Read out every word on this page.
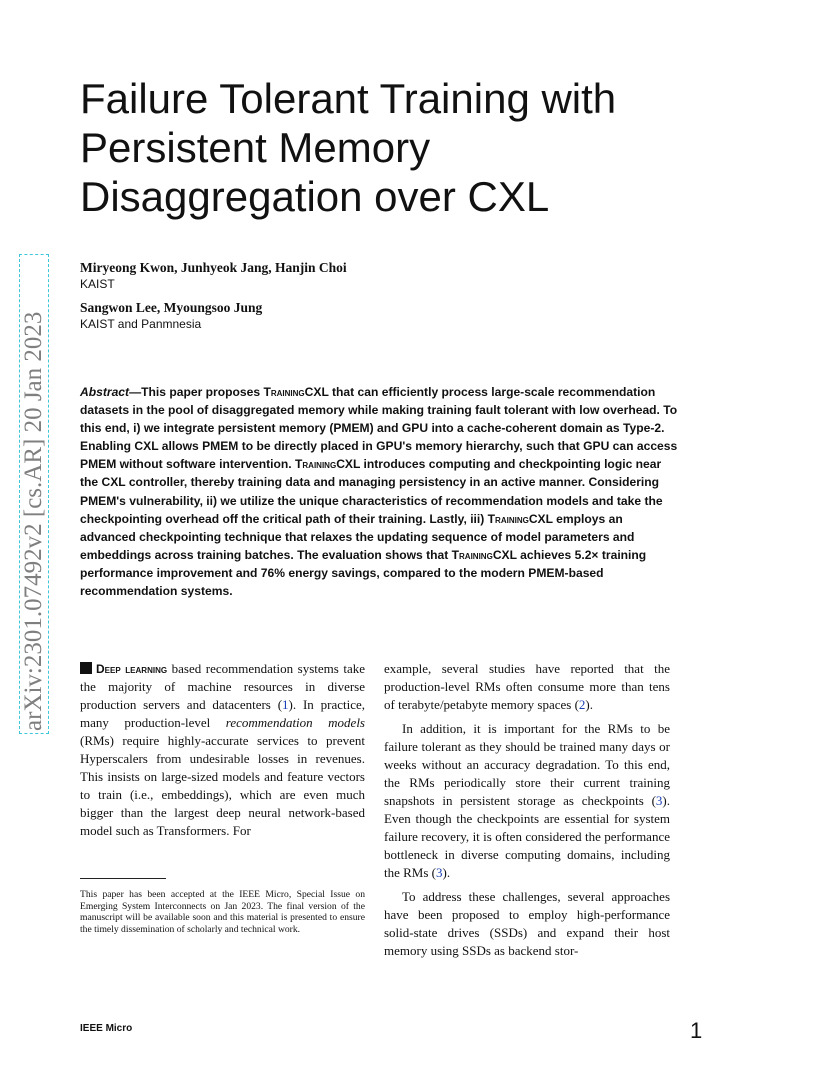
arXiv:2301.07492v2 [cs.AR] 20 Jan 2023
Failure Tolerant Training with
Persistent Memory
Disaggregation over CXL
Miryeong Kwon, Junhyeok Jang, Hanjin Choi
KAIST
Sangwon Lee, Myoungsoo Jung
KAIST and Panmnesia

Abstract—This paper proposes TrainingCXL that can efficiently process large-scale recommendation datasets in the pool of disaggregated memory while making training fault tolerant with low overhead. To this end, i) we integrate persistent memory (PMEM) and GPU into a cache-coherent domain as Type-2. Enabling CXL allows PMEM to be directly placed in GPU's memory hierarchy, such that GPU can access PMEM without software intervention. TrainingCXL introduces computing and checkpointing logic near the CXL controller, thereby training data and managing persistency in an active manner. Considering PMEM's vulnerability, ii) we utilize the unique characteristics of recommendation models and take the checkpointing overhead off the critical path of their training. Lastly, iii) TrainingCXL employs an advanced checkpointing technique that relaxes the updating sequence of model parameters and embeddings across training batches. The evaluation shows that TrainingCXL achieves 5.2× training performance improvement and 76% energy savings, compared to the modern PMEM-based recommendation systems.

Deep learning based recommendation systems take the majority of machine resources in diverse production servers and datacenters (1). In practice, many production-level recommendation models (RMs) require highly-accurate services to prevent Hyperscalers from undesirable losses in revenues. This insists on large-sized models and feature vectors to train (i.e., embeddings), which are even much bigger than the largest deep neural network-based model such as Transformers. For

example, several studies have reported that the production-level RMs often consume more than tens of terabyte/petabyte memory spaces (2).

In addition, it is important for the RMs to be failure tolerant as they should be trained many days or weeks without an accuracy degradation. To this end, the RMs periodically store their current training snapshots in persistent storage as checkpoints (3). Even though the checkpoints are essential for system failure recovery, it is often considered the performance bottleneck in diverse computing domains, including the RMs (3).

To address these challenges, several approaches have been proposed to employ high-performance solid-state drives (SSDs) and expand their host memory using SSDs as backend stor-

This paper has been accepted at the IEEE Micro, Special Issue on Emerging System Interconnects on Jan 2023. The final version of the manuscript will be available soon and this material is presented to ensure the timely dissemination of scholarly and technical work.

IEEE Micro	1
